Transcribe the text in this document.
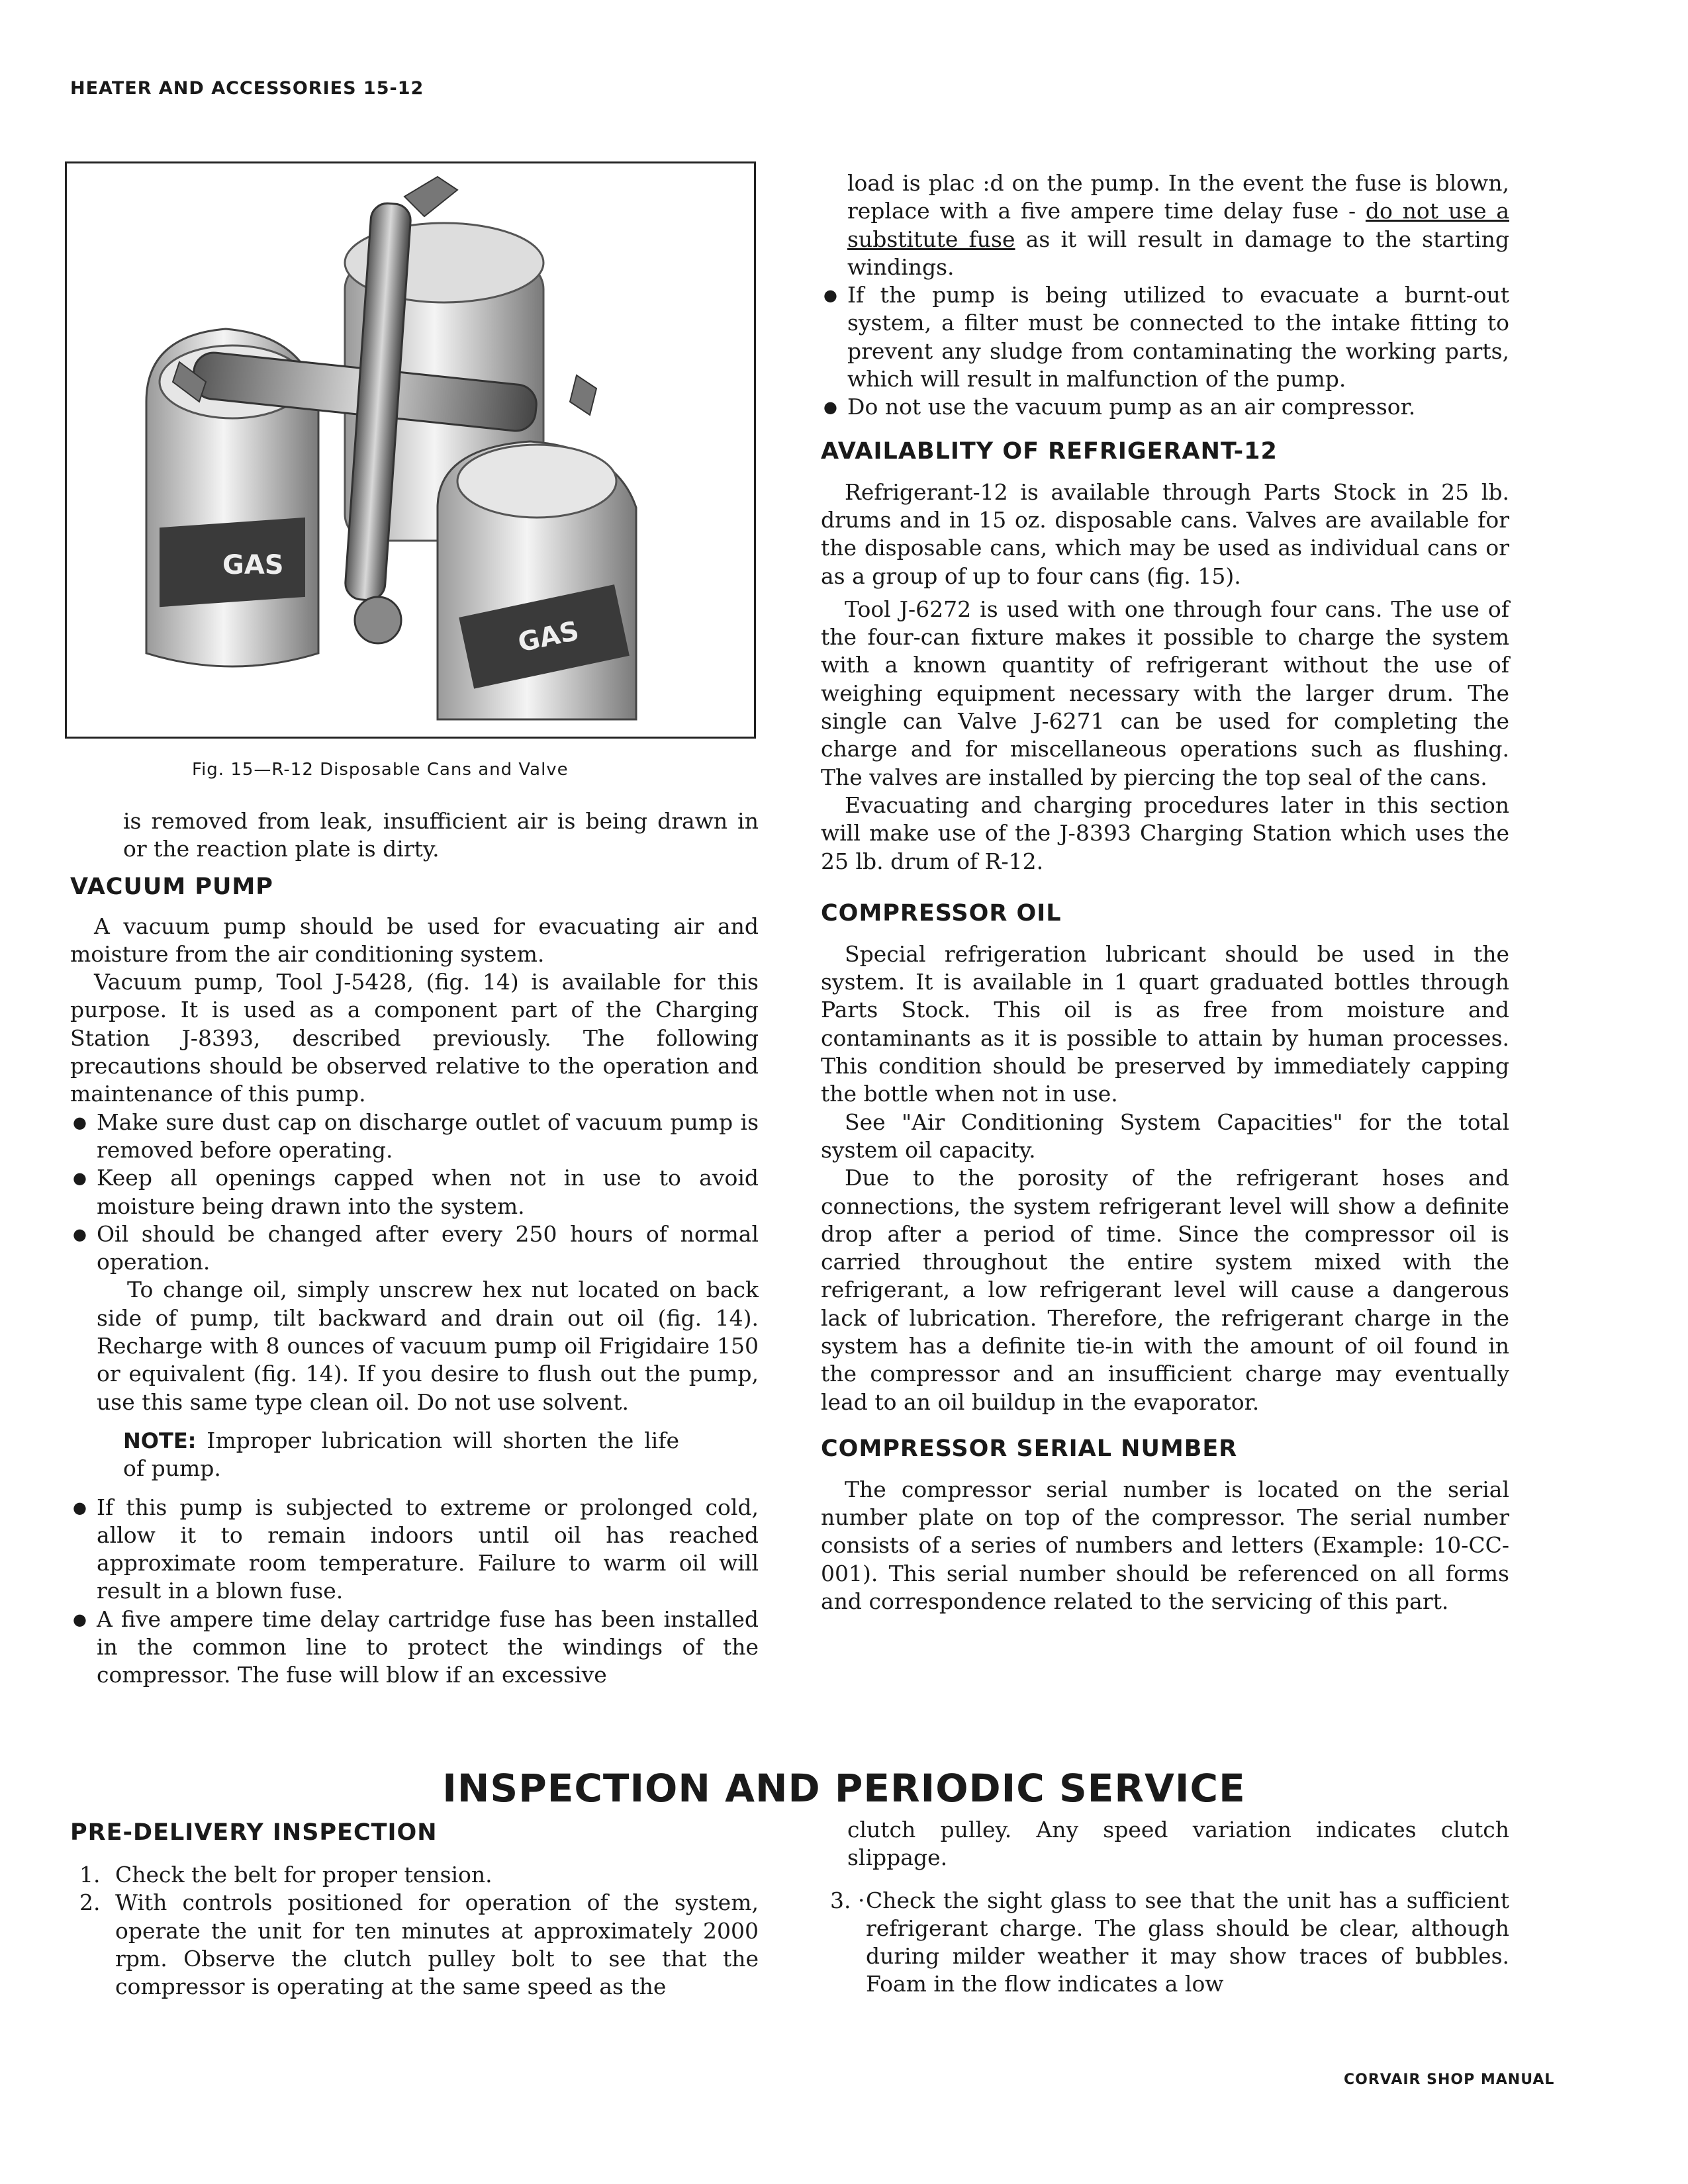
HEATER AND ACCESSORIES 15-12
GAS
GAS
Fig. 15—R-12 Disposable Cans and Valve

is removed from leak, insufficient air is being drawn in or the reaction plate is dirty.

VACUUM PUMP

A vacuum pump should be used for evacuating air and moisture from the air conditioning system.

Vacuum pump, Tool J-5428, (fig. 14) is available for this purpose. It is used as a component part of the Charging Station J-8393, described previously. The following precautions should be observed relative to the operation and maintenance of this pump.

● Make sure dust cap on discharge outlet of vacuum pump is removed before operating.

● Keep all openings capped when not in use to avoid moisture being drawn into the system.

● Oil should be changed after every 250 hours of normal operation.

To change oil, simply unscrew hex nut located on back side of pump, tilt backward and drain out oil (fig. 14). Recharge with 8 ounces of vacuum pump oil Frigidaire 150 or equivalent (fig. 14). If you desire to flush out the pump, use this same type clean oil. Do not use solvent.

NOTE: Improper lubrication will shorten the life of pump.

● If this pump is subjected to extreme or prolonged cold, allow it to remain indoors until oil has reached approximate room temperature. Failure to warm oil will result in a blown fuse.

● A five ampere time delay cartridge fuse has been installed in the common line to protect the windings of the compressor. The fuse will blow if an excessive

load is plac :d on the pump. In the event the fuse is blown, replace with a five ampere time delay fuse - do not use a substitute fuse as it will result in damage to the starting windings.

● If the pump is being utilized to evacuate a burnt-out system, a filter must be connected to the intake fitting to prevent any sludge from contaminating the working parts, which will result in malfunction of the pump.

● Do not use the vacuum pump as an air compressor.

AVAILABLITY OF REFRIGERANT-12

Refrigerant-12 is available through Parts Stock in 25 lb. drums and in 15 oz. disposable cans. Valves are available for the disposable cans, which may be used as individual cans or as a group of up to four cans (fig. 15).

Tool J-6272 is used with one through four cans. The use of the four-can fixture makes it possible to charge the system with a known quantity of refrigerant without the use of weighing equipment necessary with the larger drum. The single can Valve J-6271 can be used for completing the charge and for miscellaneous operations such as flushing. The valves are installed by piercing the top seal of the cans.

Evacuating and charging procedures later in this section will make use of the J-8393 Charging Station which uses the 25 lb. drum of R-12.

COMPRESSOR OIL

Special refrigeration lubricant should be used in the system. It is available in 1 quart graduated bottles through Parts Stock. This oil is as free from moisture and contaminants as it is possible to attain by human processes. This condition should be preserved by immediately capping the bottle when not in use.

See "Air Conditioning System Capacities" for the total system oil capacity.

Due to the porosity of the refrigerant hoses and connections, the system refrigerant level will show a definite drop after a period of time. Since the compressor oil is carried throughout the entire system mixed with the refrigerant, a low refrigerant level will cause a dangerous lack of lubrication. Therefore, the refrigerant charge in the system has a definite tie-in with the amount of oil found in the compressor and an insufficient charge may eventually lead to an oil buildup in the evaporator.

COMPRESSOR SERIAL NUMBER

The compressor serial number is located on the serial number plate on top of the compressor. The serial number consists of a series of numbers and letters (Example: 10-CC-001). This serial number should be referenced on all forms and correspondence related to the servicing of this part.

INSPECTION AND PERIODIC SERVICE

PRE-DELIVERY INSPECTION

1. Check the belt for proper tension.

2. With controls positioned for operation of the system, operate the unit for ten minutes at approximately 2000 rpm. Observe the clutch pulley bolt to see that the compressor is operating at the same speed as the

clutch pulley. Any speed variation indicates clutch slippage.

3. · Check the sight glass to see that the unit has a sufficient refrigerant charge. The glass should be clear, although during milder weather it may show traces of bubbles. Foam in the flow indicates a low

CORVAIR SHOP MANUAL
